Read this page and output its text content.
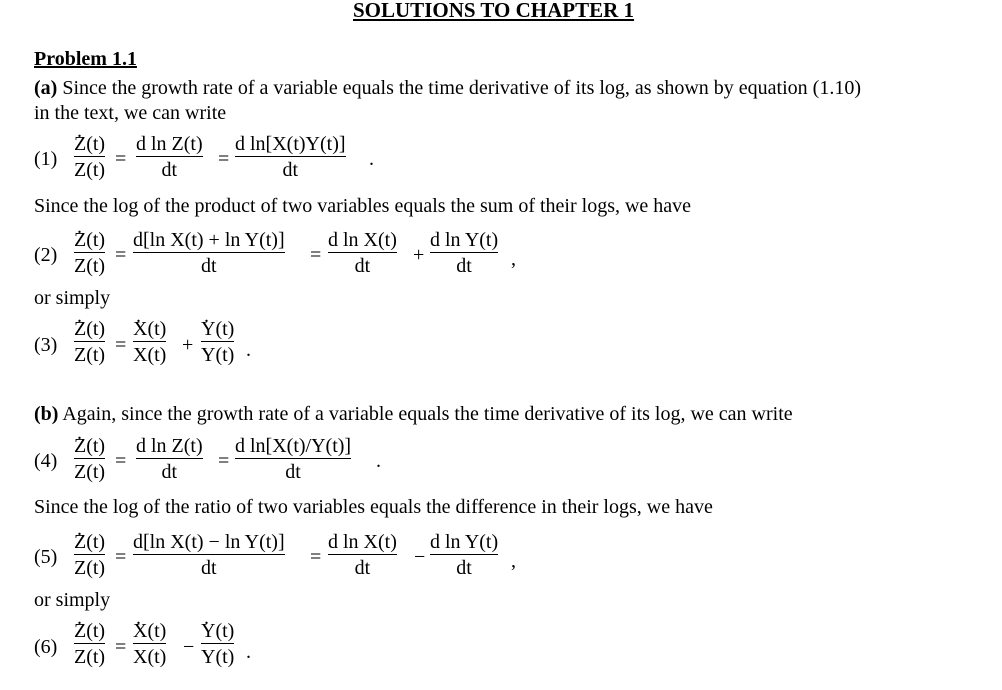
SOLUTIONS TO CHAPTER 1
Problem 1.1
(a) Since the growth rate of a variable equals the time derivative of its log, as shown by equation (1.10)
in the text, we can write
(1)
. Z(t)
Z(t) =
d ln Z(t)
dt =
d ln[X(t)Y(t)]
dt	.
Since the log of the product of two variables equals the sum of their logs, we have
(2)
. Z(t)
Z(t) =
d[ln X(t) + ln Y(t)]
dt	=
d ln X(t)
dt +
d ln Y(t)
dt ,
or simply
(3)
. Z(t)
Z(t) =
. X(t)
X(t) +
. Y(t)
Y(t) .
(b) Again, since the growth rate of a variable equals the time derivative of its log, we can write
(4)
. Z(t)
Z(t) =
d ln Z(t)
dt =
d ln[X(t)/Y(t)]
dt	.
Since the log of the ratio of two variables equals the difference in their logs, we have
(5)
. Z(t)
Z(t) =
d[ln X(t) − ln Y(t)]
dt	=
d ln X(t)
dt −
d ln Y(t)
dt ,
or simply
(6)
. Z(t)
Z(t) =
. X(t)
X(t) −
. Y(t)
Y(t) .
